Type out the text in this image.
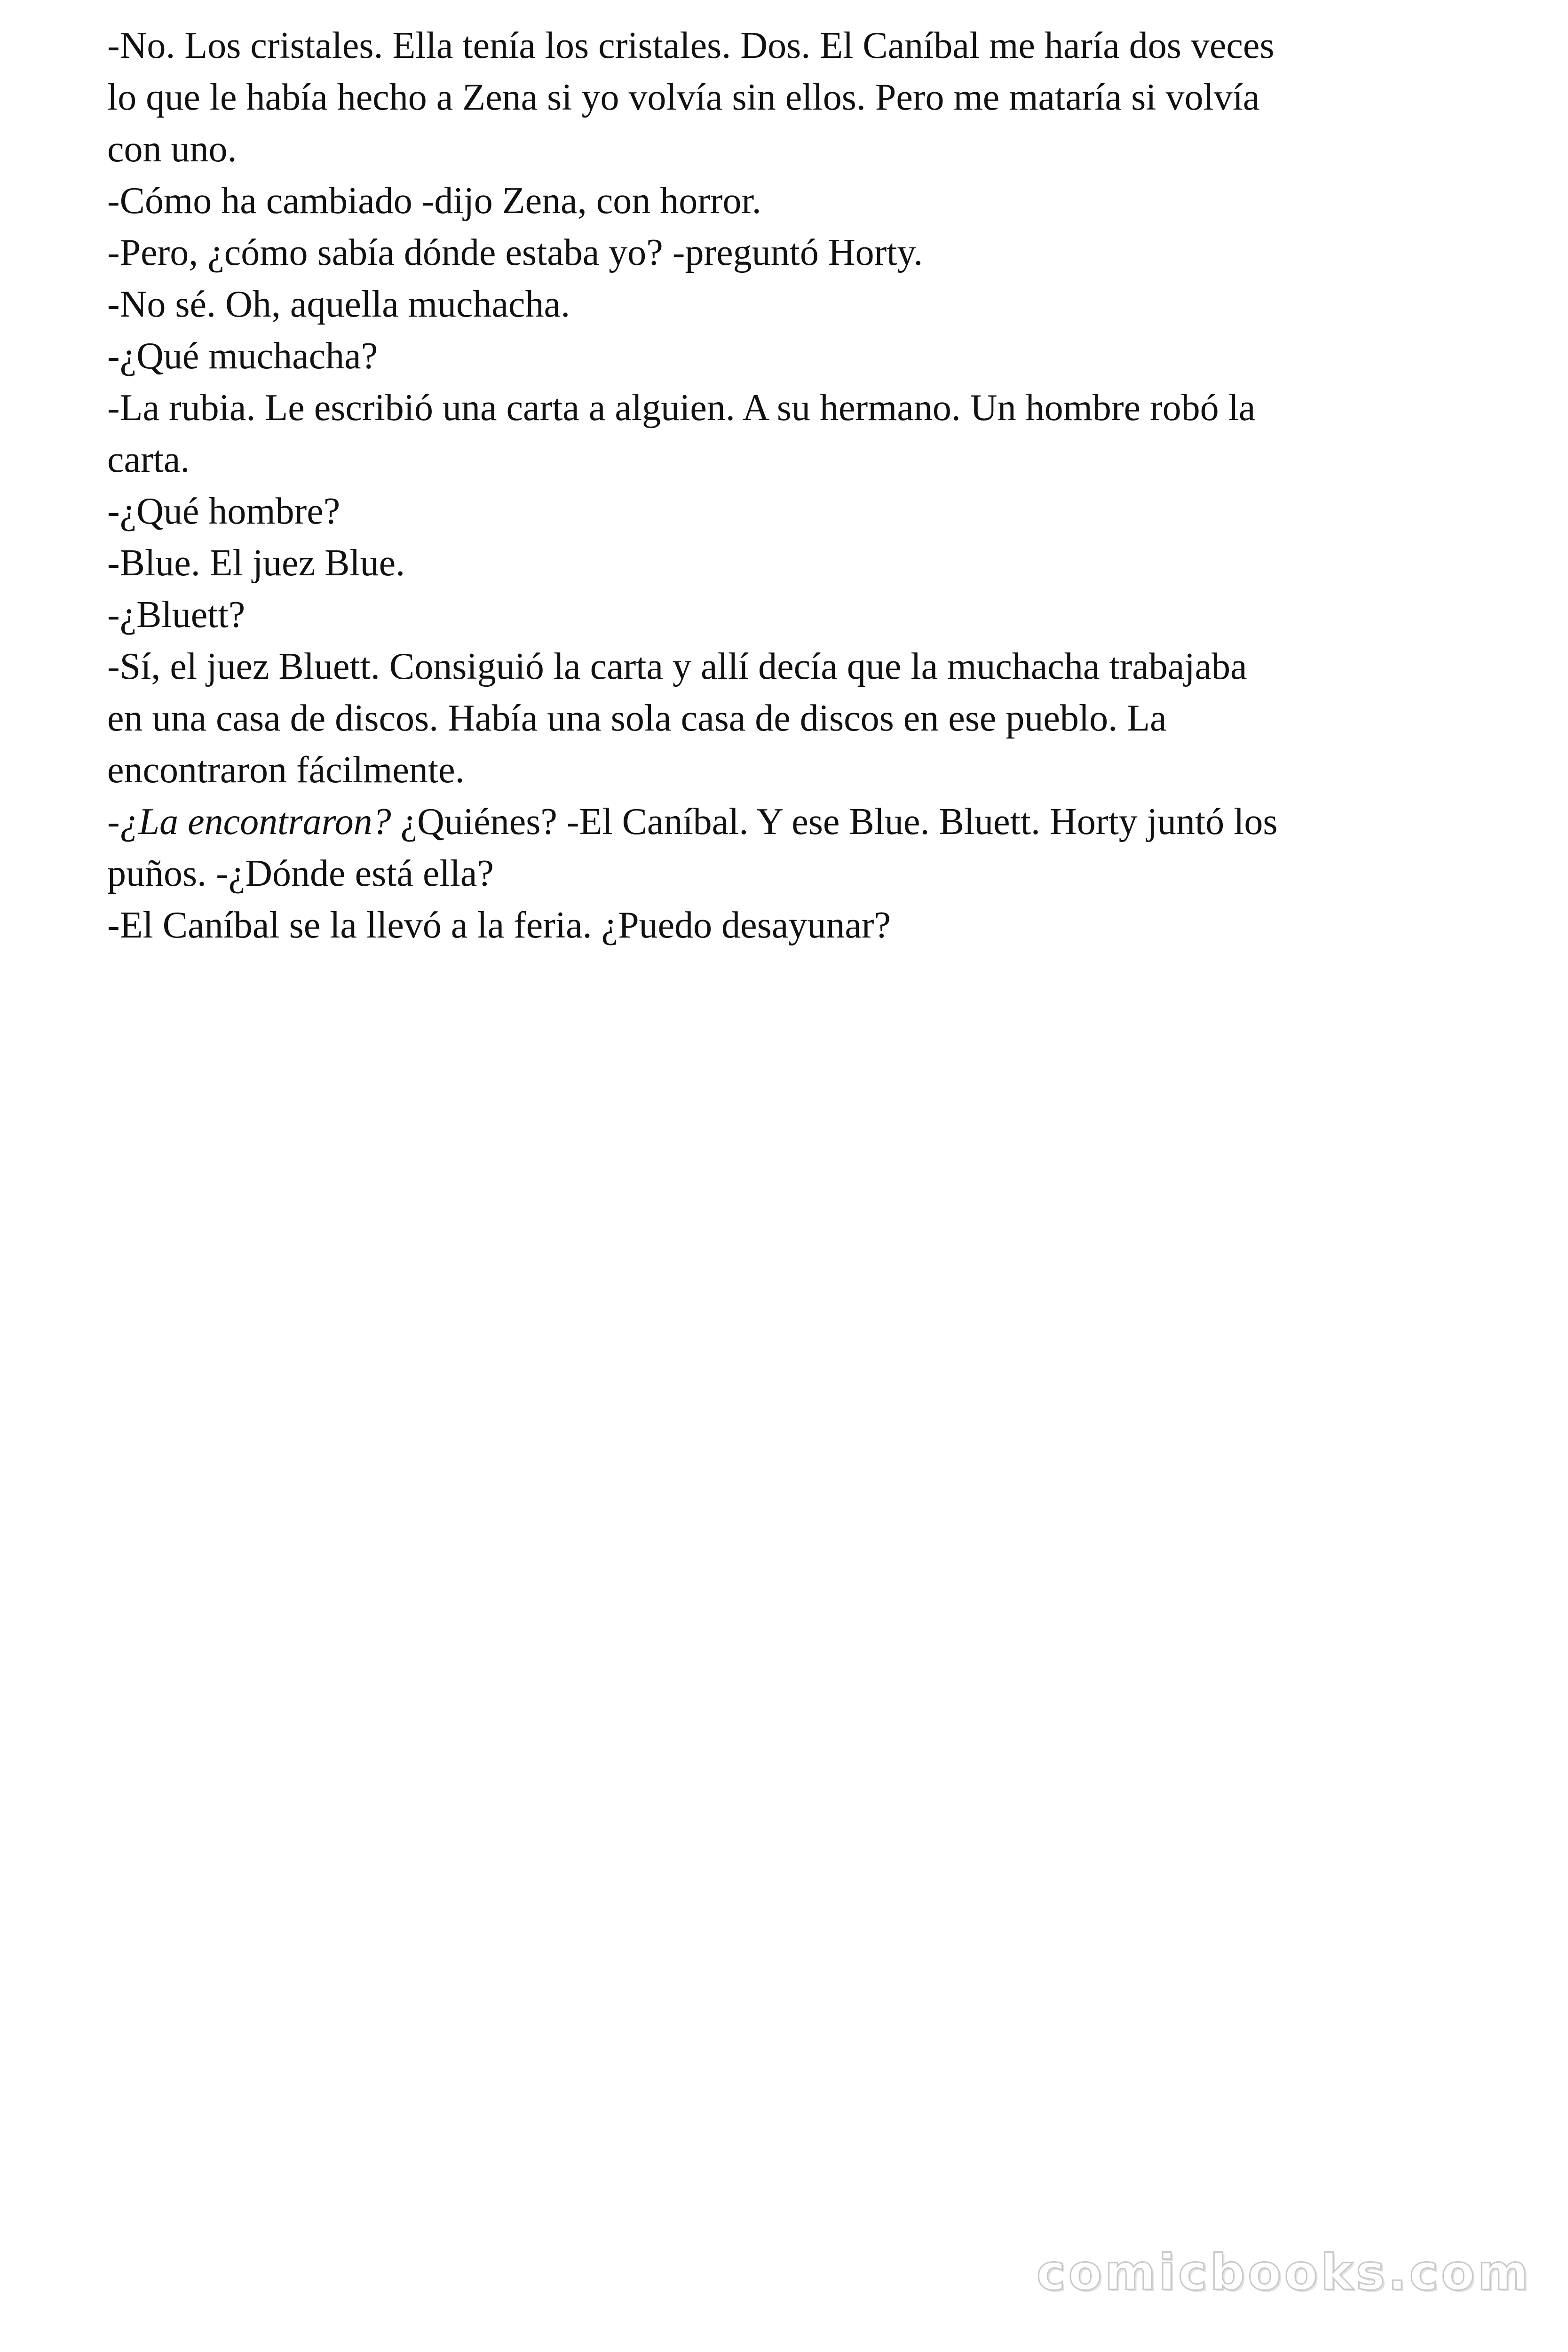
-No. Los cristales. Ella tenía los cristales. Dos. El Caníbal me haría dos veces
lo que le había hecho a Zena si yo volvía sin ellos. Pero me mataría si volvía
con uno.
-Cómo ha cambiado -dijo Zena, con horror.
-Pero, ¿cómo sabía dónde estaba yo? -preguntó Horty.
-No sé. Oh, aquella muchacha.
-¿Qué muchacha?
-La rubia. Le escribió una carta a alguien. A su hermano. Un hombre robó la
carta.
-¿Qué hombre?
-Blue. El juez Blue.
-¿Bluett?
-Sí, el juez Bluett. Consiguió la carta y allí decía que la muchacha trabajaba
en una casa de discos. Había una sola casa de discos en ese pueblo. La
encontraron fácilmente.
-¿La encontraron? ¿Quiénes? -El Caníbal. Y ese Blue. Bluett. Horty juntó los
puños. -¿Dónde está ella?
-El Caníbal se la llevó a la feria. ¿Puedo desayunar?
comicbooks.com
